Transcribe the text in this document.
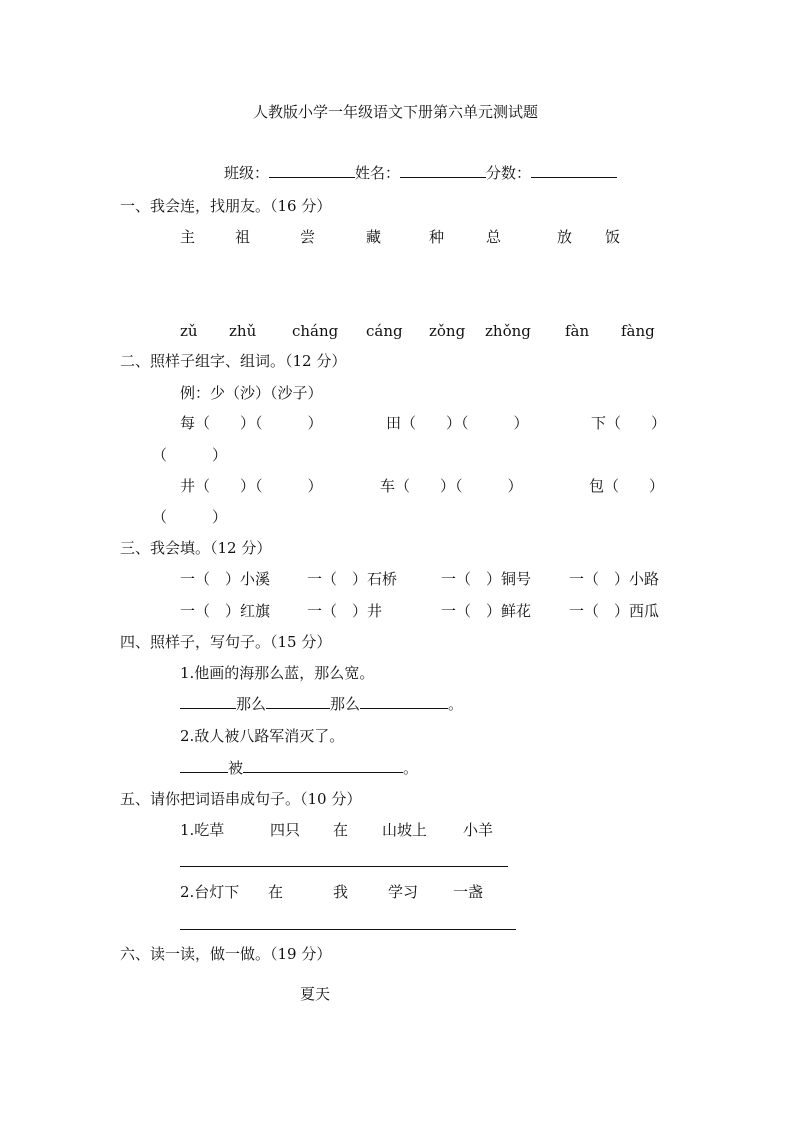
人教版小学一年级语文下册第六单元测试题
班级：	姓名：	分数：
一、我会连，找朋友。（16 分）
主	祖	尝	藏	种	总	放 饭
zǔ zhǔ cháng cáng zǒng zhǒng fàn fàng
二、照样子组字、组词。（12 分）
例：少（沙）（沙子）
每（　　）（　　　）	田（　　）（　　　）	下（　　）
（　　　）
井（　　）（　　　）	车（　　）（　　　）	包（　　）
（　　　）
三、我会填。（12 分）
一（　）小溪 一（　）石桥	一（　）铜号	一（　）小路
一（　）红旗 一（　）井	一（　）鲜花	一（　）西瓜
四、照样子，写句子。（15 分）
1.他画的海那么蓝，那么宽。
那么	那么	。
2.敌人被八路军消灭了。
被	。
五、请你把词语串成句子。（10 分）
1.吃草	四只 在 山坡上 小羊
2.台灯下 在	我	学习 一盏
六、读一读，做一做。（19 分）
夏天
